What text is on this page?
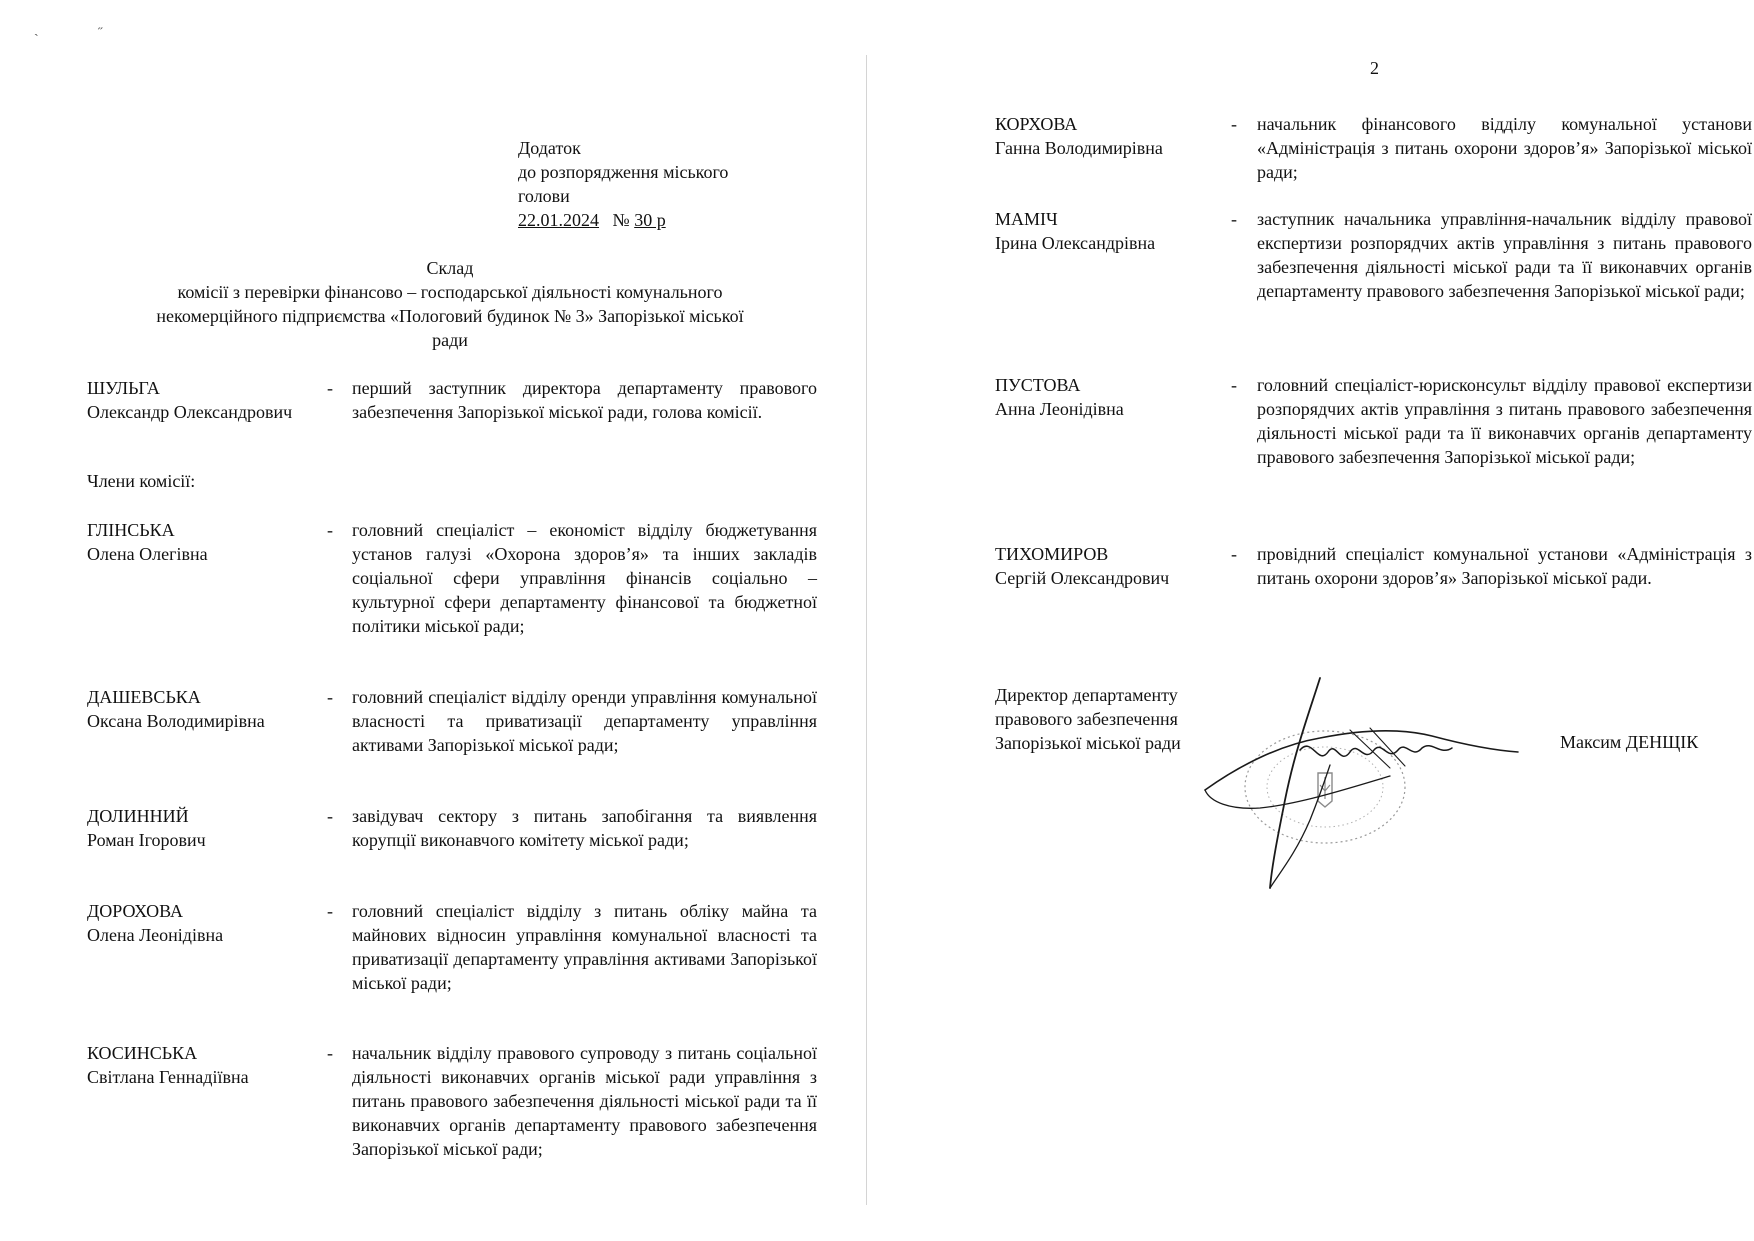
ˏ	˶
Додаток
до розпорядження міського
голови
22.01.2024 № 30 р
Склад
комісії з перевірки фінансово – господарської діяльності комунального
некомерційного підприємства «Пологовий будинок № 3» Запорізької міської
ради
ШУЛЬГА
Олександр Олександрович
- перший заступник директора департаменту правового забезпечення Запорізької міської ради, голова комісії.
Члени комісії:
ГЛІНСЬКА
Олена Олегівна
- головний спеціаліст – економіст відділу бюджетування установ галузі «Охорона здоров’я» та інших закладів соціальної сфери управління фінансів соціально – культурної сфери департаменту фінансової та бюджетної політики міської ради;
ДАШЕВСЬКА
Оксана Володимирівна
- головний спеціаліст відділу оренди управління комунальної власності та приватизації департаменту управління активами Запорізької міської ради;
ДОЛИННИЙ
Роман Ігорович
- завідувач сектору з питань запобігання та виявлення корупції виконавчого комітету міської ради;
ДОРОХОВА
Олена Леонідівна
- головний спеціаліст відділу з питань обліку майна та майнових відносин управління комунальної власності та приватизації департаменту управління активами Запорізької міської ради;
КОСИНСЬКА
Світлана Геннадіївна
- начальник відділу правового супроводу з питань соціальної діяльності виконавчих органів міської ради управління з питань правового забезпечення діяльності міської ради та її виконавчих органів департаменту правового забезпечення Запорізької міської ради;
2
КОРХОВА
Ганна Володимирівна
- начальник фінансового відділу комунальної установи «Адміністрація з питань охорони здоров’я» Запорізької міської ради;
МАМІЧ
Ірина Олександрівна
- заступник начальника управління-начальник відділу правової експертизи розпорядчих актів управління з питань правового забезпечення діяльності міської ради та її виконавчих органів департаменту правового забезпечення Запорізької міської ради;
ПУСТОВА
Анна Леонідівна
- головний спеціаліст-юрисконсульт відділу правової експертизи розпорядчих актів управління з питань правового забезпечення діяльності міської ради та її виконавчих органів департаменту правового забезпечення Запорізької міської ради;
ТИХОМИРОВ
Сергій Олександрович
- провідний спеціаліст комунальної установи «Адміністрація з питань охорони здоров’я» Запорізької міської ради.
Директор департаменту правового забезпечення Запорізької міської ради	Максим ДЕНЩІК
